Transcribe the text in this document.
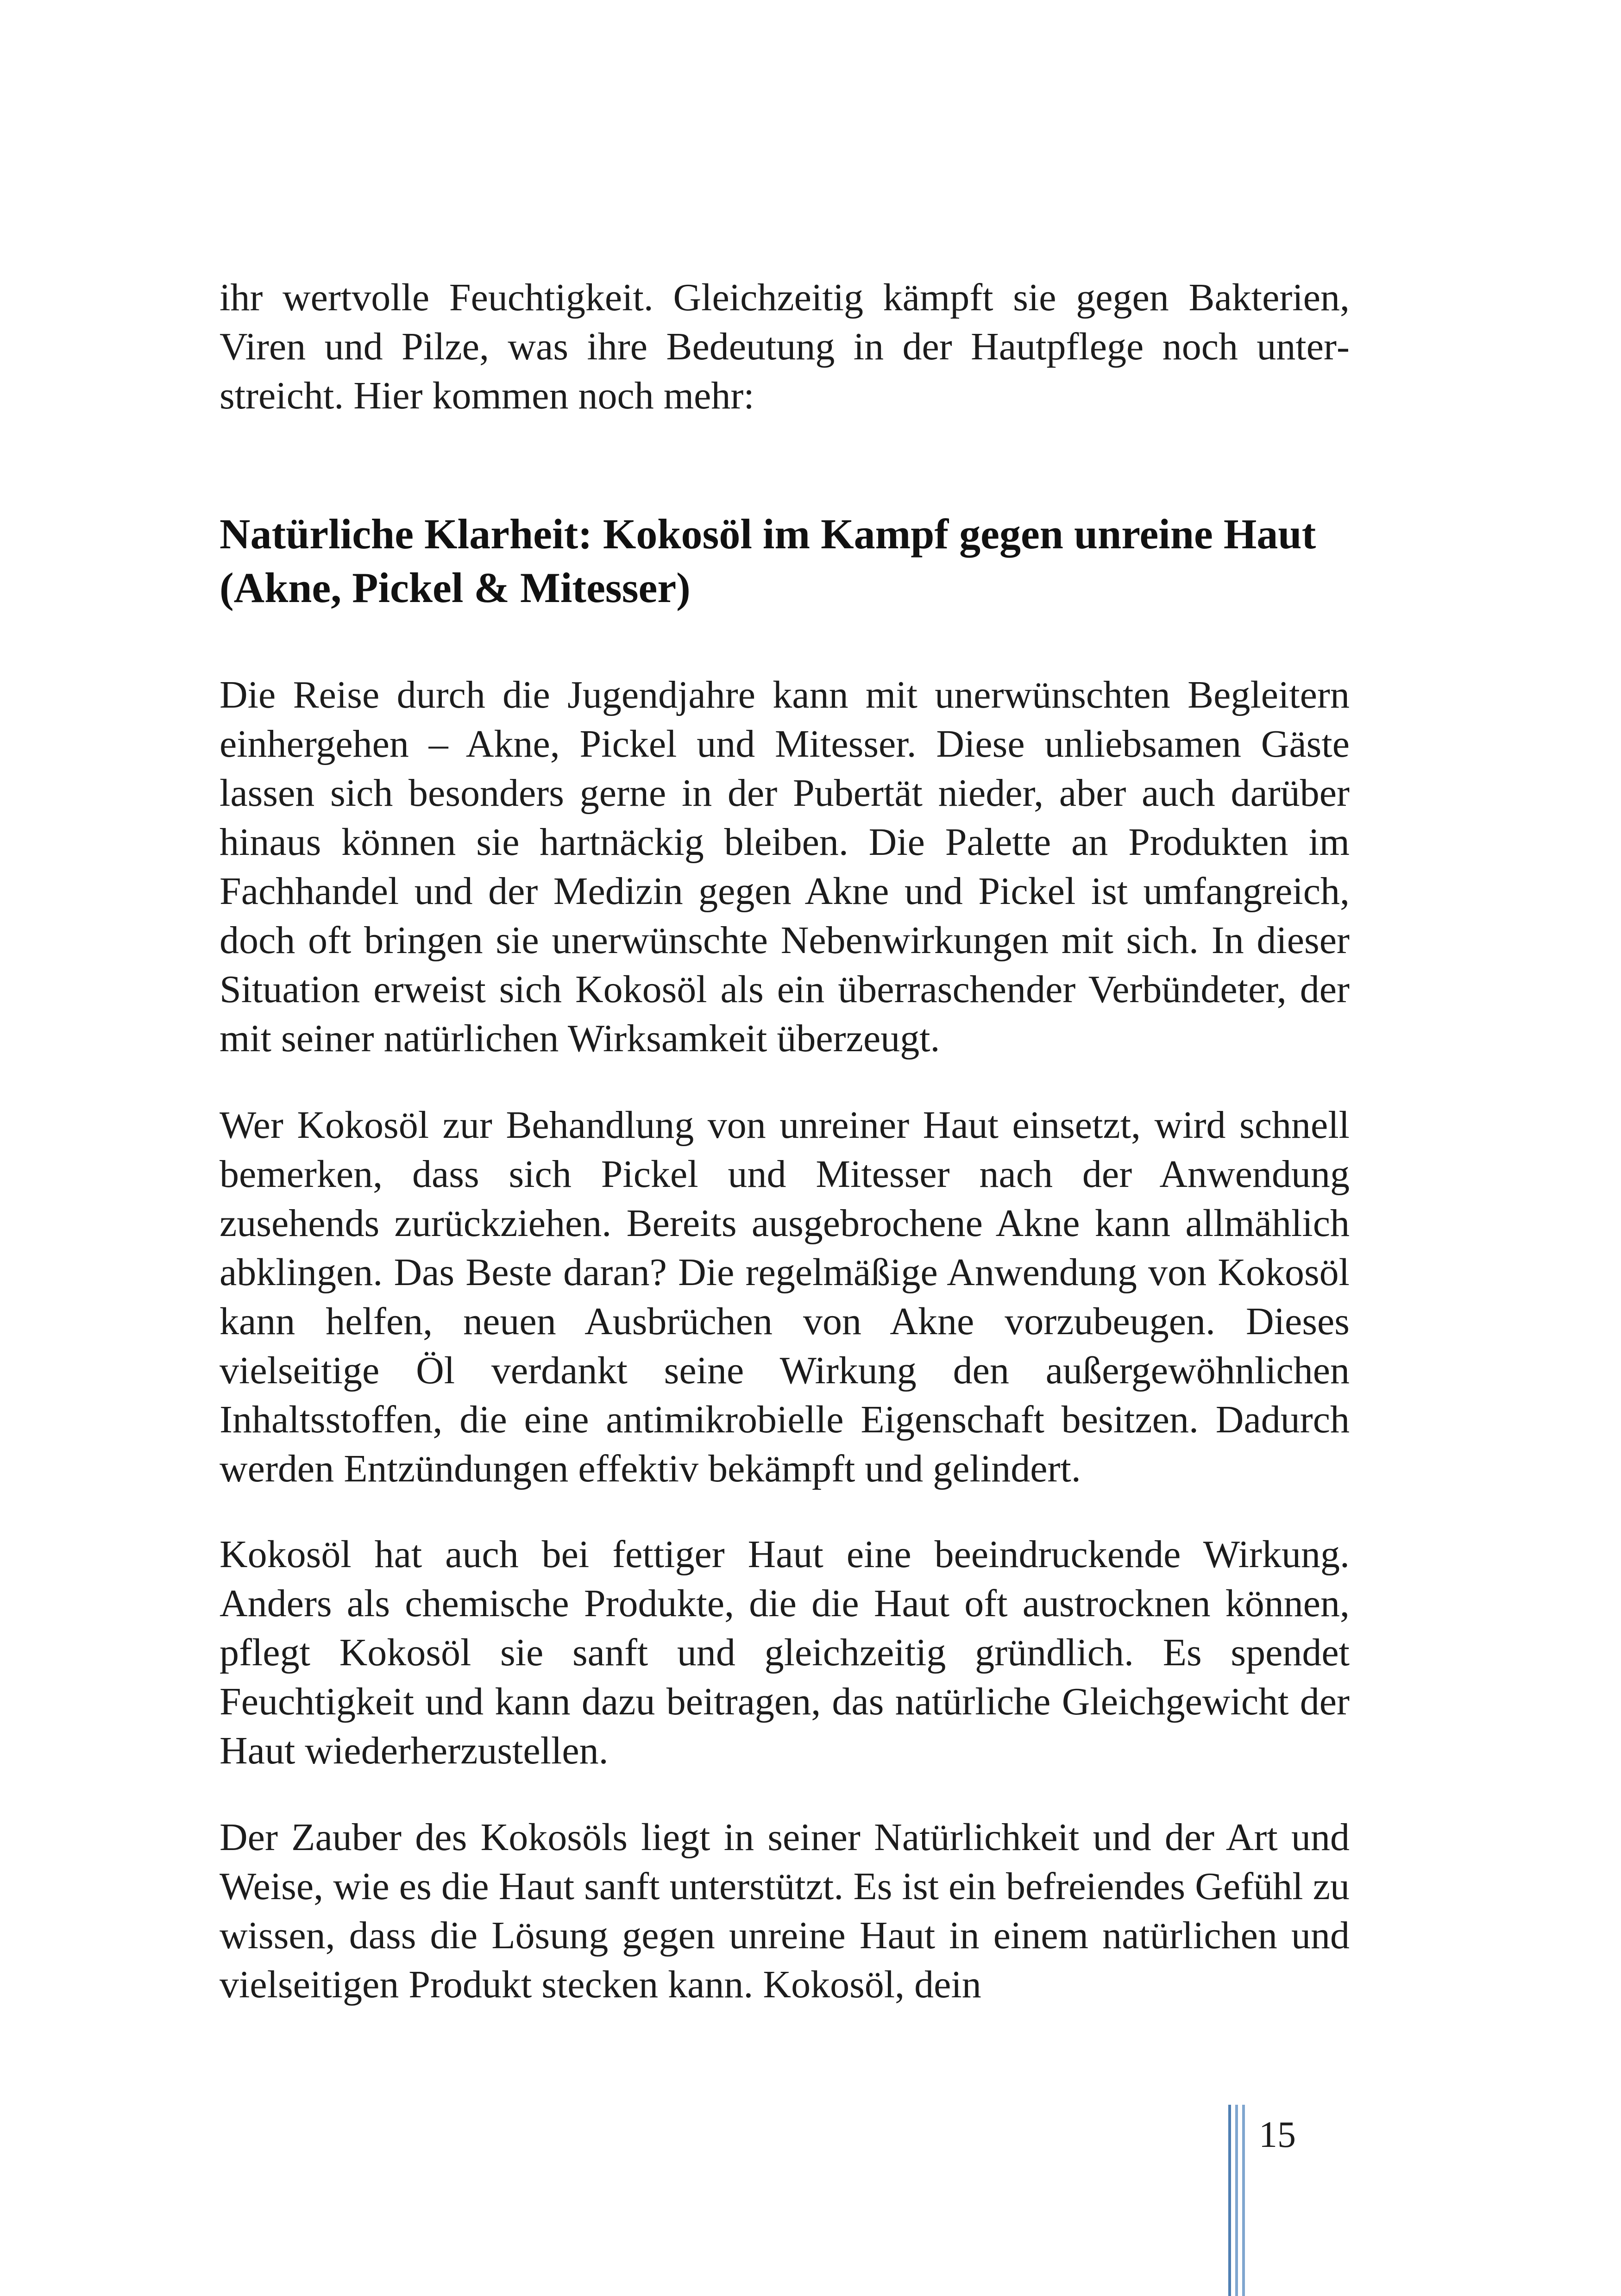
ihr wertvolle Feuchtigkeit. Gleichzeitig kämpft sie gegen Bakterien, Viren und Pilze, was ihre Bedeutung in der Hautpflege noch unterstreicht. Hier kommen noch mehr:

Natürliche Klarheit: Kokosöl im Kampf gegen unreine Haut (Akne, Pickel & Mitesser)

Die Reise durch die Jugendjahre kann mit unerwünschten Begleitern einhergehen – Akne, Pickel und Mitesser. Diese unliebsamen Gäste lassen sich besonders gerne in der Pubertät nieder, aber auch darüber hinaus können sie hartnäckig bleiben. Die Palette an Produkten im Fachhandel und der Medizin gegen Akne und Pickel ist umfangreich, doch oft bringen sie unerwünschte Nebenwirkungen mit sich. In dieser Situation erweist sich Kokosöl als ein überraschender Verbündeter, der mit seiner natürlichen Wirksamkeit überzeugt.

Wer Kokosöl zur Behandlung von unreiner Haut einsetzt, wird schnell bemerken, dass sich Pickel und Mitesser nach der Anwendung zusehends zurückziehen. Bereits ausgebrochene Akne kann allmählich abklingen. Das Beste daran? Die regelmäßige Anwendung von Kokosöl kann helfen, neuen Ausbrüchen von Akne vorzubeugen. Dieses vielseitige Öl verdankt seine Wirkung den außergewöhnlichen Inhaltsstoffen, die eine antimikrobielle Eigenschaft besitzen. Dadurch werden Entzündungen effektiv bekämpft und gelindert.

Kokosöl hat auch bei fettiger Haut eine beeindruckende Wirkung. Anders als chemische Produkte, die die Haut oft austrocknen können, pflegt Kokosöl sie sanft und gleichzeitig gründlich. Es spendet Feuchtigkeit und kann dazu beitragen, das natürliche Gleichgewicht der Haut wiederherzustellen.

Der Zauber des Kokosöls liegt in seiner Natürlichkeit und der Art und Weise, wie es die Haut sanft unterstützt. Es ist ein befreiendes Gefühl zu wissen, dass die Lösung gegen unreine Haut in einem natürlichen und vielseitigen Produkt stecken kann. Kokosöl, dein

15
